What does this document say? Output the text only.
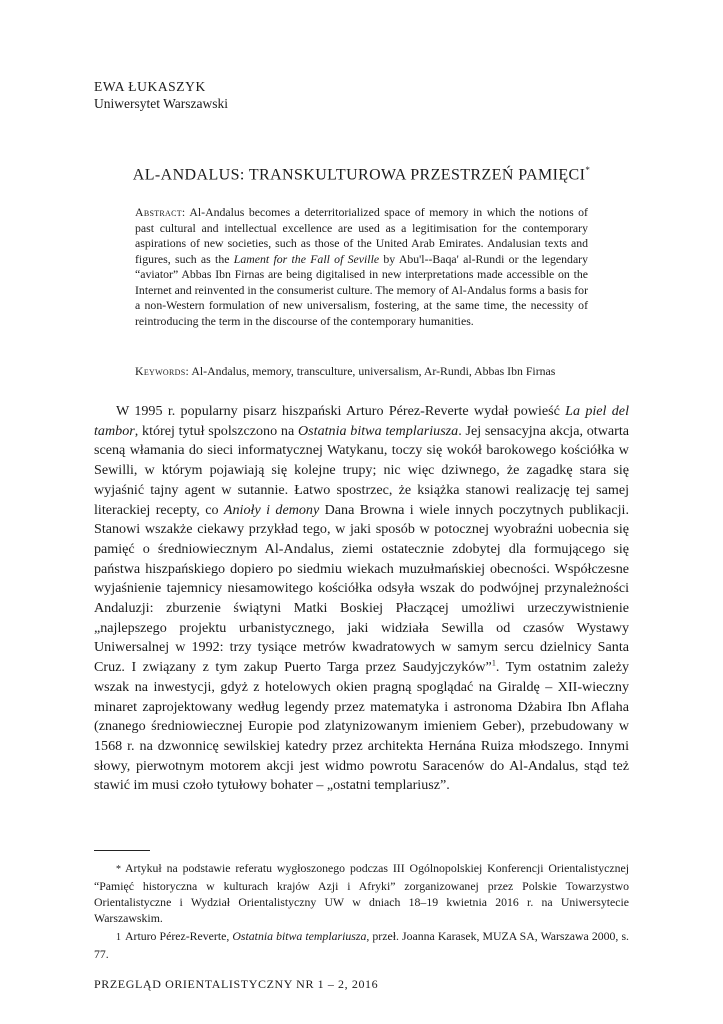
EWA ŁUKASZYK
Uniwersytet Warszawski
AL-ANDALUS: TRANSKULTUROWA PRZESTRZEŃ PAMIĘCI*
Abstract: Al-Andalus becomes a deterritorialized space of memory in which the notions of past cultural and intellectual excellence are used as a legitimisation for the contemporary aspirations of new societies, such as those of the United Arab Emirates. Andalusian texts and figures, such as the Lament for the Fall of Seville by Abu'l--Baqa' al-Rundi or the legendary “aviator” Abbas Ibn Firnas are being digitalised in new interpretations made accessible on the Internet and reinvented in the consumerist culture. The memory of Al-Andalus forms a basis for a non-Western formulation of new universalism, fostering, at the same time, the necessity of reintroducing the term in the discourse of the contemporary humanities.
Keywords: Al-Andalus, memory, transculture, universalism, Ar-Rundi, Abbas Ibn Firnas
W 1995 r. popularny pisarz hiszpański Arturo Pérez-Reverte wydał powieść La piel del tambor, której tytuł spolszczono na Ostatnia bitwa templariusza. Jej sensacyjna akcja, otwarta sceną włamania do sieci informatycznej Watykanu, toczy się wokół barokowego kościółka w Sewilli, w którym pojawiają się kolejne trupy; nic więc dziwnego, że zagadkę stara się wyjaśnić tajny agent w sutannie. Łatwo spostrzec, że książka stanowi realizację tej samej literackiej recepty, co Anioły i demony Dana Browna i wiele innych poczytnych publikacji. Stanowi wszakże ciekawy przykład tego, w jaki sposób w potocznej wyobraźni uobecnia się pamięć o średniowiecznym Al-Andalus, ziemi ostatecznie zdobytej dla formującego się państwa hiszpańskiego dopiero po siedmiu wiekach muzułmańskiej obecności. Współczesne wyjaśnienie tajemnicy niesamowitego kościółka odsyła wszak do podwójnej przynależności Andaluzji: zburzenie świątyni Matki Boskiej Płaczącej umożliwi urzeczywistnienie „najlepszego projektu urbanistycznego, jaki widziała Sewilla od czasów Wystawy Uniwersalnej w 1992: trzy tysiące metrów kwadratowych w samym sercu dzielnicy Santa Cruz. I związany z tym zakup Puerto Targa przez Saudyjczyków”$^1$. Tym ostatnim zależy wszak na inwestycji, gdyż z hotelowych okien pragną spoglądać na Giraldę – XII-wieczny minaret zaprojektowany według legendy przez matematyka i astronoma Dżabira Ibn Aflaha (znanego średniowiecznej Europie pod zlatynizowanym imieniem Geber), przebudowany w 1568 r. na dzwonnicę sewilskiej katedry przez architekta Hernána Ruiza młodszego. Innymi słowy, pierwotnym motorem akcji jest widmo powrotu Saracenów do Al-Andalus, stąd też stawić im musi czoło tytułowy bohater – „ostatni templariusz”.

* Artykuł na podstawie referatu wygłoszonego podczas III Ogólnopolskiej Konferencji Orientalistycznej “Pamięć historyczna w kulturach krajów Azji i Afryki” zorganizowanej przez Polskie Towarzystwo Orientalistyczne i Wydział Orientalistyczny UW w dniach 18–19 kwietnia 2016 r. na Uniwersytecie Warszawskim.

1 Arturo Pérez-Reverte, Ostatnia bitwa templariusza, przeł. Joanna Karasek, MUZA SA, Warszawa 2000, s. 77.

PRZEGLĄD ORIENTALISTYCZNY NR 1 – 2, 2016
